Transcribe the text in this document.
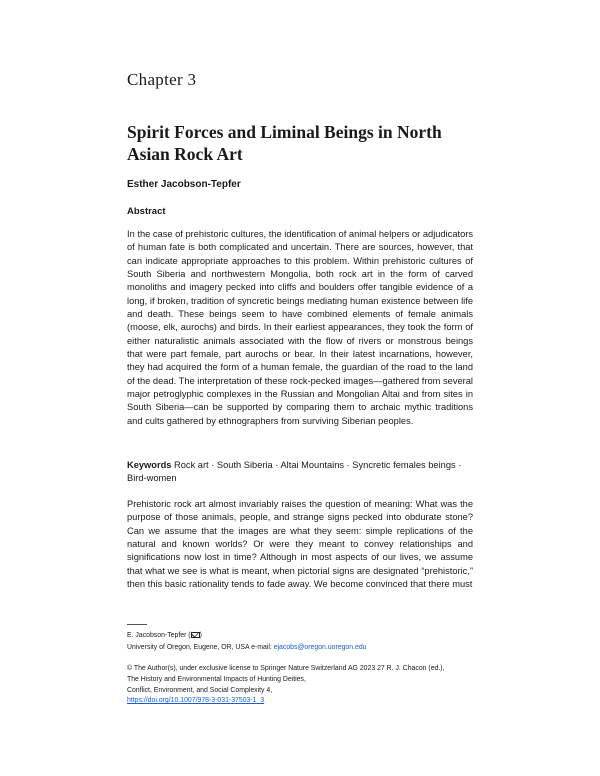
Chapter 3
Spirit Forces and Liminal Beings in North Asian Rock Art
Esther Jacobson-Tepfer
Abstract
In the case of prehistoric cultures, the identification of animal helpers or adjudicators of human fate is both complicated and uncertain. There are sources, however, that can indicate appropriate approaches to this problem. Within prehistoric cultures of South Siberia and northwestern Mongolia, both rock art in the form of carved monoliths and imagery pecked into cliffs and boulders offer tangible evidence of a long, if broken, tradition of syncretic beings mediating human existence between life and death. These beings seem to have combined elements of female animals (moose, elk, aurochs) and birds. In their earliest appearances, they took the form of either naturalistic animals associated with the flow of rivers or monstrous beings that were part female, part aurochs or bear. In their latest incarnations, however, they had acquired the form of a human female, the guardian of the road to the land of the dead. The interpretation of these rock-pecked images—gathered from several major petroglyphic complexes in the Russian and Mongolian Altai and from sites in South Siberia—can be supported by comparing them to archaic mythic traditions and cults gathered by ethnographers from surviving Siberian peoples.
Keywords Rock art · South Siberia · Altai Mountains · Syncretic females beings · Bird-women
Prehistoric rock art almost invariably raises the question of meaning: What was the purpose of those animals, people, and strange signs pecked into obdurate stone? Can we assume that the images are what they seem: simple replications of the natural and known worlds? Or were they meant to convey relationships and significations now lost in time? Although in most aspects of our lives, we assume that what we see is what is meant, when pictorial signs are designated “prehistoric,” then this basic rationality tends to fade away. We become convinced that there must
E. Jacobson-Tepfer ( )
University of Oregon, Eugene, OR, USA e-mail: ejacobs@oregon.uoregon.edu
© The Author(s), under exclusive license to Springer Nature Switzerland AG 2023 27 R. J. Chacon (ed.),
The History and Environmental Impacts of Hunting Deities,
Conflict, Environment, and Social Complexity 4,
https://doi.org/10.1007/978-3-031-37503-1_3
